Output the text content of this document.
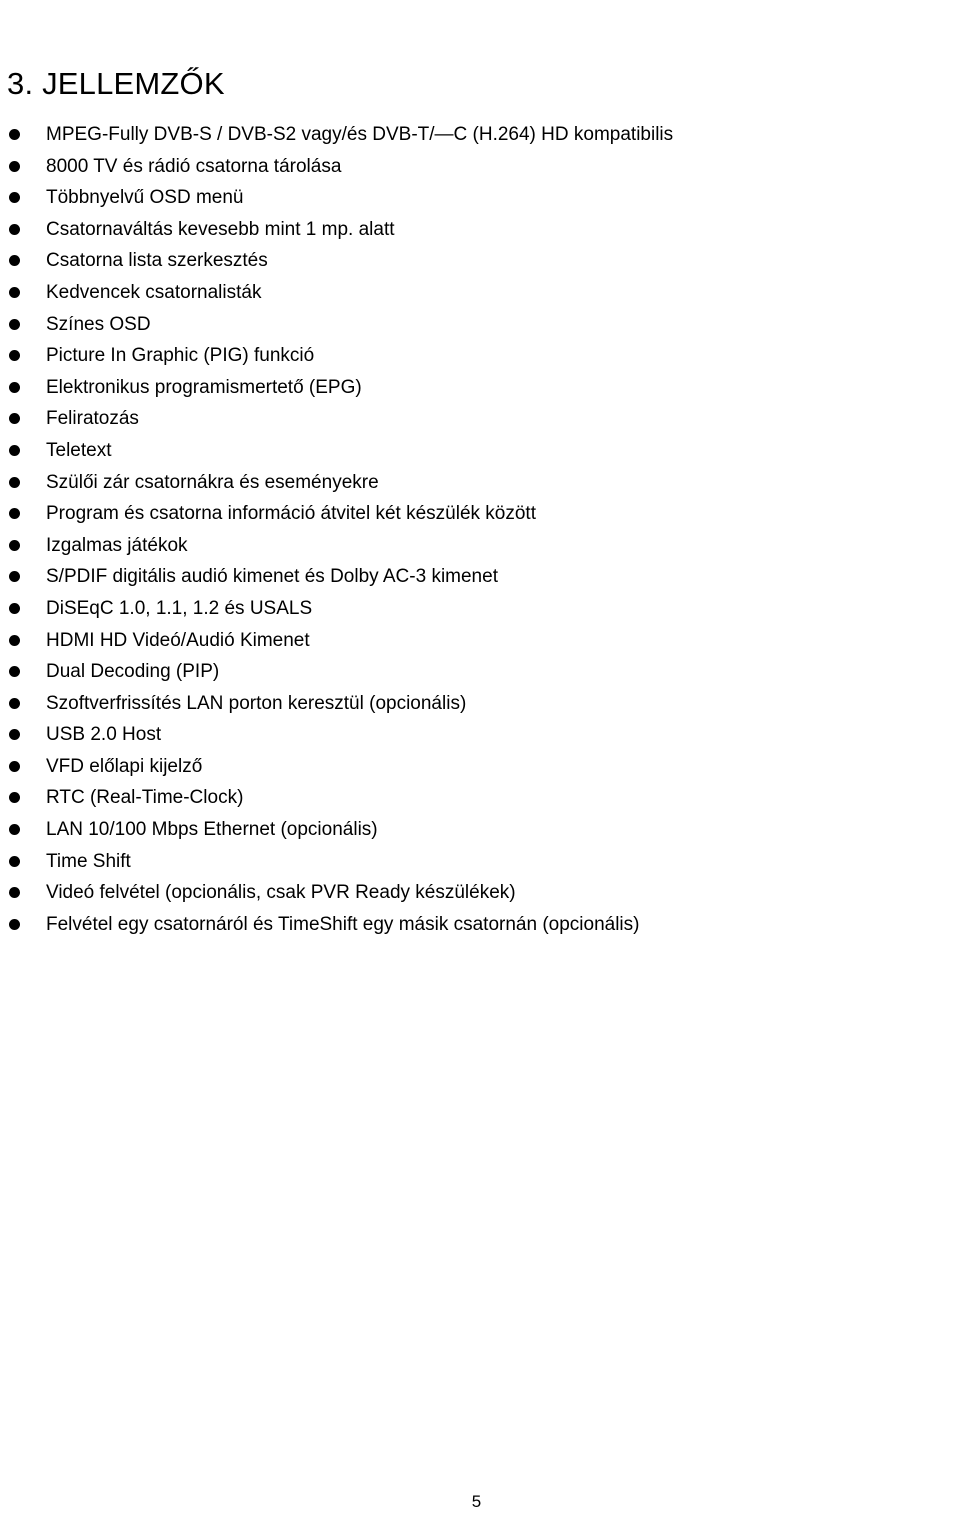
3. JELLEMZŐK
MPEG-Fully DVB-S / DVB-S2 vagy/és DVB-T/—C (H.264) HD kompatibilis
8000 TV és rádió csatorna tárolása
Többnyelvű OSD menü
Csatornaváltás kevesebb mint 1 mp. alatt
Csatorna lista szerkesztés
Kedvencek csatornalisták
Színes OSD
Picture In Graphic (PIG) funkció
Elektronikus programismertető (EPG)
Feliratozás
Teletext
Szülői zár csatornákra és eseményekre
Program és csatorna információ átvitel két készülék között
Izgalmas játékok
S/PDIF digitális audió kimenet és Dolby AC-3 kimenet
DiSEqC 1.0, 1.1, 1.2 és USALS
HDMI HD Videó/Audió Kimenet
Dual Decoding (PIP)
Szoftverfrissítés LAN porton keresztül (opcionális)
USB 2.0 Host
VFD előlapi kijelző
RTC (Real-Time-Clock)
LAN 10/100 Mbps Ethernet (opcionális)
Time Shift
Videó felvétel (opcionális, csak PVR Ready készülékek)
Felvétel egy csatornáról és TimeShift egy másik csatornán (opcionális)
5
